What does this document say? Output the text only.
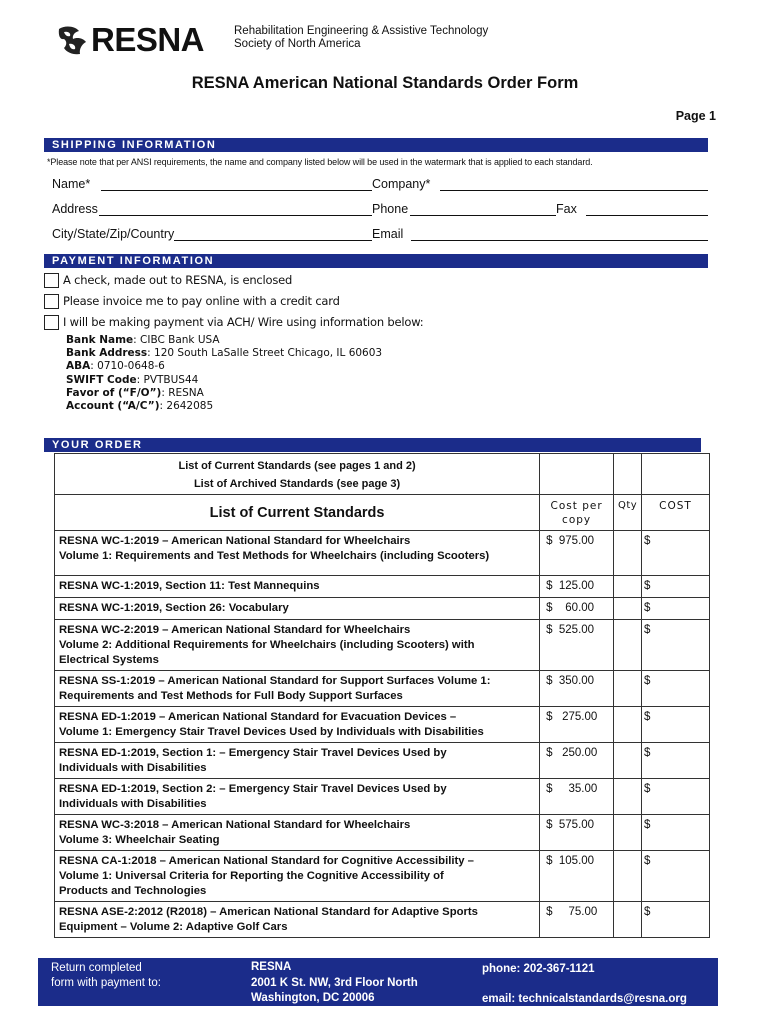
RESNA	Rehabilitation Engineering & Assistive Technology
Society of North America
RESNA American National Standards Order Form
Page 1
SHIPPING INFORMATION
*Please note that per ANSI requirements, the name and company listed below will be used in the watermark that is applied to each standard.
Name*	Company*
Address	Phone	Fax
City/State/Zip/Country	Email
PAYMENT INFORMATION
A check, made out to RESNA, is enclosed
Please invoice me to pay online with a credit card
I will be making payment via ACH/ Wire using information below:
Bank Name: CIBC Bank USA
Bank Address: 120 South LaSalle Street Chicago, IL 60603
ABA: 0710-0648-6
SWIFT Code: PVTBUS44
Favor of (“F/O”): RESNA
Account (“A/C”): 2642085
YOUR ORDER
List of Current Standards (see pages 1 and 2)
List of Archived Standards (see page 3)			

List of Current Standards	Cost per copy	Qty	COST

RESNA WC-1:2019 – American National Standard for Wheelchairs
Volume 1: Requirements and Test Methods for Wheelchairs (including Scooters)	$  975.00		$

RESNA WC-1:2019, Section 11: Test Mannequins	$  125.00		$

RESNA WC-1:2019, Section 26: Vocabulary	$    60.00		$

RESNA WC-2:2019 – American National Standard for Wheelchairs
Volume 2: Additional Requirements for Wheelchairs (including Scooters) with
Electrical Systems	$  525.00		$

RESNA SS-1:2019 – American National Standard for Support Surfaces Volume 1:
Requirements and Test Methods for Full Body Support Surfaces	$  350.00		$

RESNA ED-1:2019 – American National Standard for Evacuation Devices –
Volume 1: Emergency Stair Travel Devices Used by Individuals with Disabilities	$   275.00		$

RESNA ED-1:2019, Section 1: – Emergency Stair Travel Devices Used by
Individuals with Disabilities	$   250.00		$

RESNA ED-1:2019, Section 2: – Emergency Stair Travel Devices Used by
Individuals with Disabilities	$     35.00		$

RESNA WC-3:2018 – American National Standard for Wheelchairs
Volume 3: Wheelchair Seating	$  575.00		$

RESNA CA-1:2018 – American National Standard for Cognitive Accessibility –
Volume 1: Universal Criteria for Reporting the Cognitive Accessibility of
Products and Technologies	$  105.00		$

RESNA ASE-2:2012 (R2018) – American National Standard for Adaptive Sports
Equipment – Volume 2: Adaptive Golf Cars	$     75.00		$
Return completed
form with payment to:
RESNA
2001 K St. NW, 3rd Floor North
Washington, DC 20006
phone: 202-367-1121
email: technicalstandards@resna.org
